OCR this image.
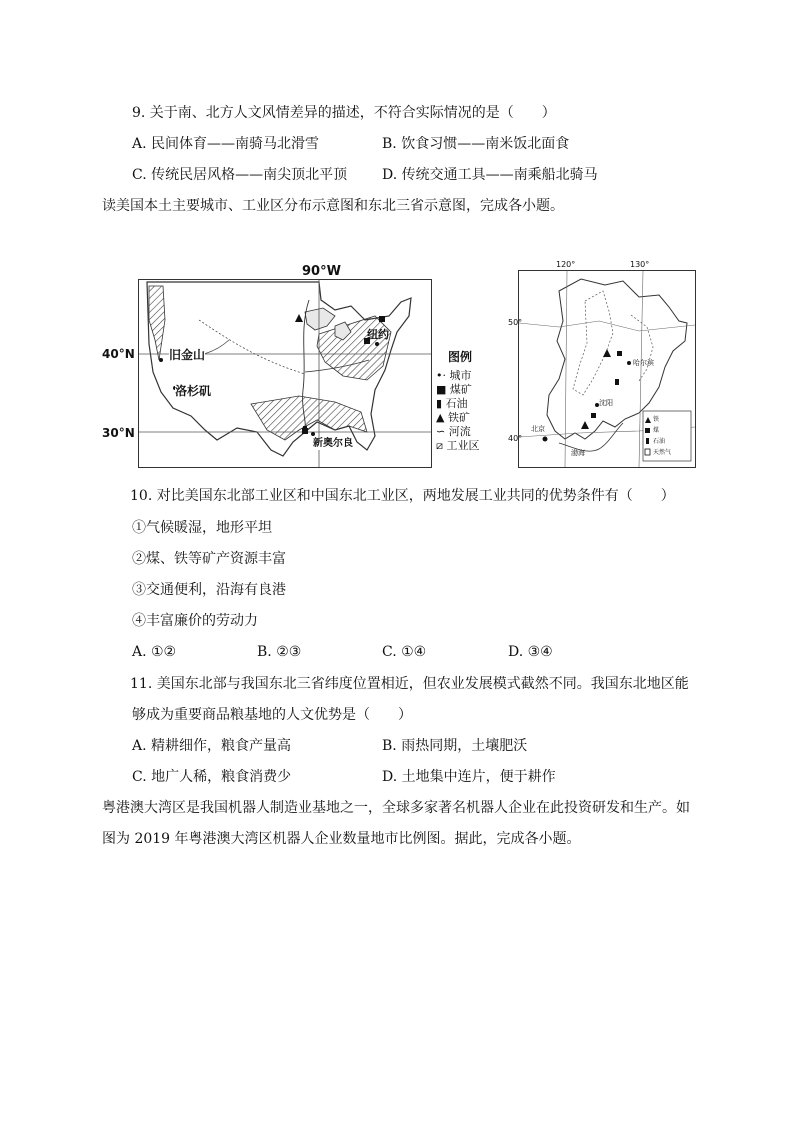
9. 关于南、北方人文风情差异的描述，不符合实际情况的是（　　）
A. 民间体育——南骑马北滑雪	B. 饮食习惯——南米饭北面食
C. 传统民居风格——南尖顶北平顶 D. 传统交通工具——南乘船北骑马
读美国本土主要城市、工业区分布示意图和东北三省示意图，完成各小题。
旧金山
洛杉矶
纽约
新奥尔良
90°W
40°N
30°N
图例
•· 城市
■ 煤矿
▮ 石油
▲ 铁矿
∽ 河流
⧄ 工业区
北京
沈阳
哈尔滨
渤海
铁
煤
石油
天然气
120°	130°
50°
40°
10. 对比美国东北部工业区和中国东北工业区，两地发展工业共同的优势条件有（　　）
①气候暖湿，地形平坦
②煤、铁等矿产资源丰富
③交通便利，沿海有良港
④丰富廉价的劳动力
A. ①②	B. ②③	C. ①④	D. ③④
11. 美国东北部与我国东北三省纬度位置相近，但农业发展模式截然不同。我国东北地区能
够成为重要商品粮基地的人文优势是（　　）
A. 精耕细作，粮食产量高	B. 雨热同期，土壤肥沃
C. 地广人稀，粮食消费少	D. 土地集中连片，便于耕作
粤港澳大湾区是我国机器人制造业基地之一，全球多家著名机器人企业在此投资研发和生产。如
图为 2019 年粤港澳大湾区机器人企业数量地市比例图。据此，完成各小题。
